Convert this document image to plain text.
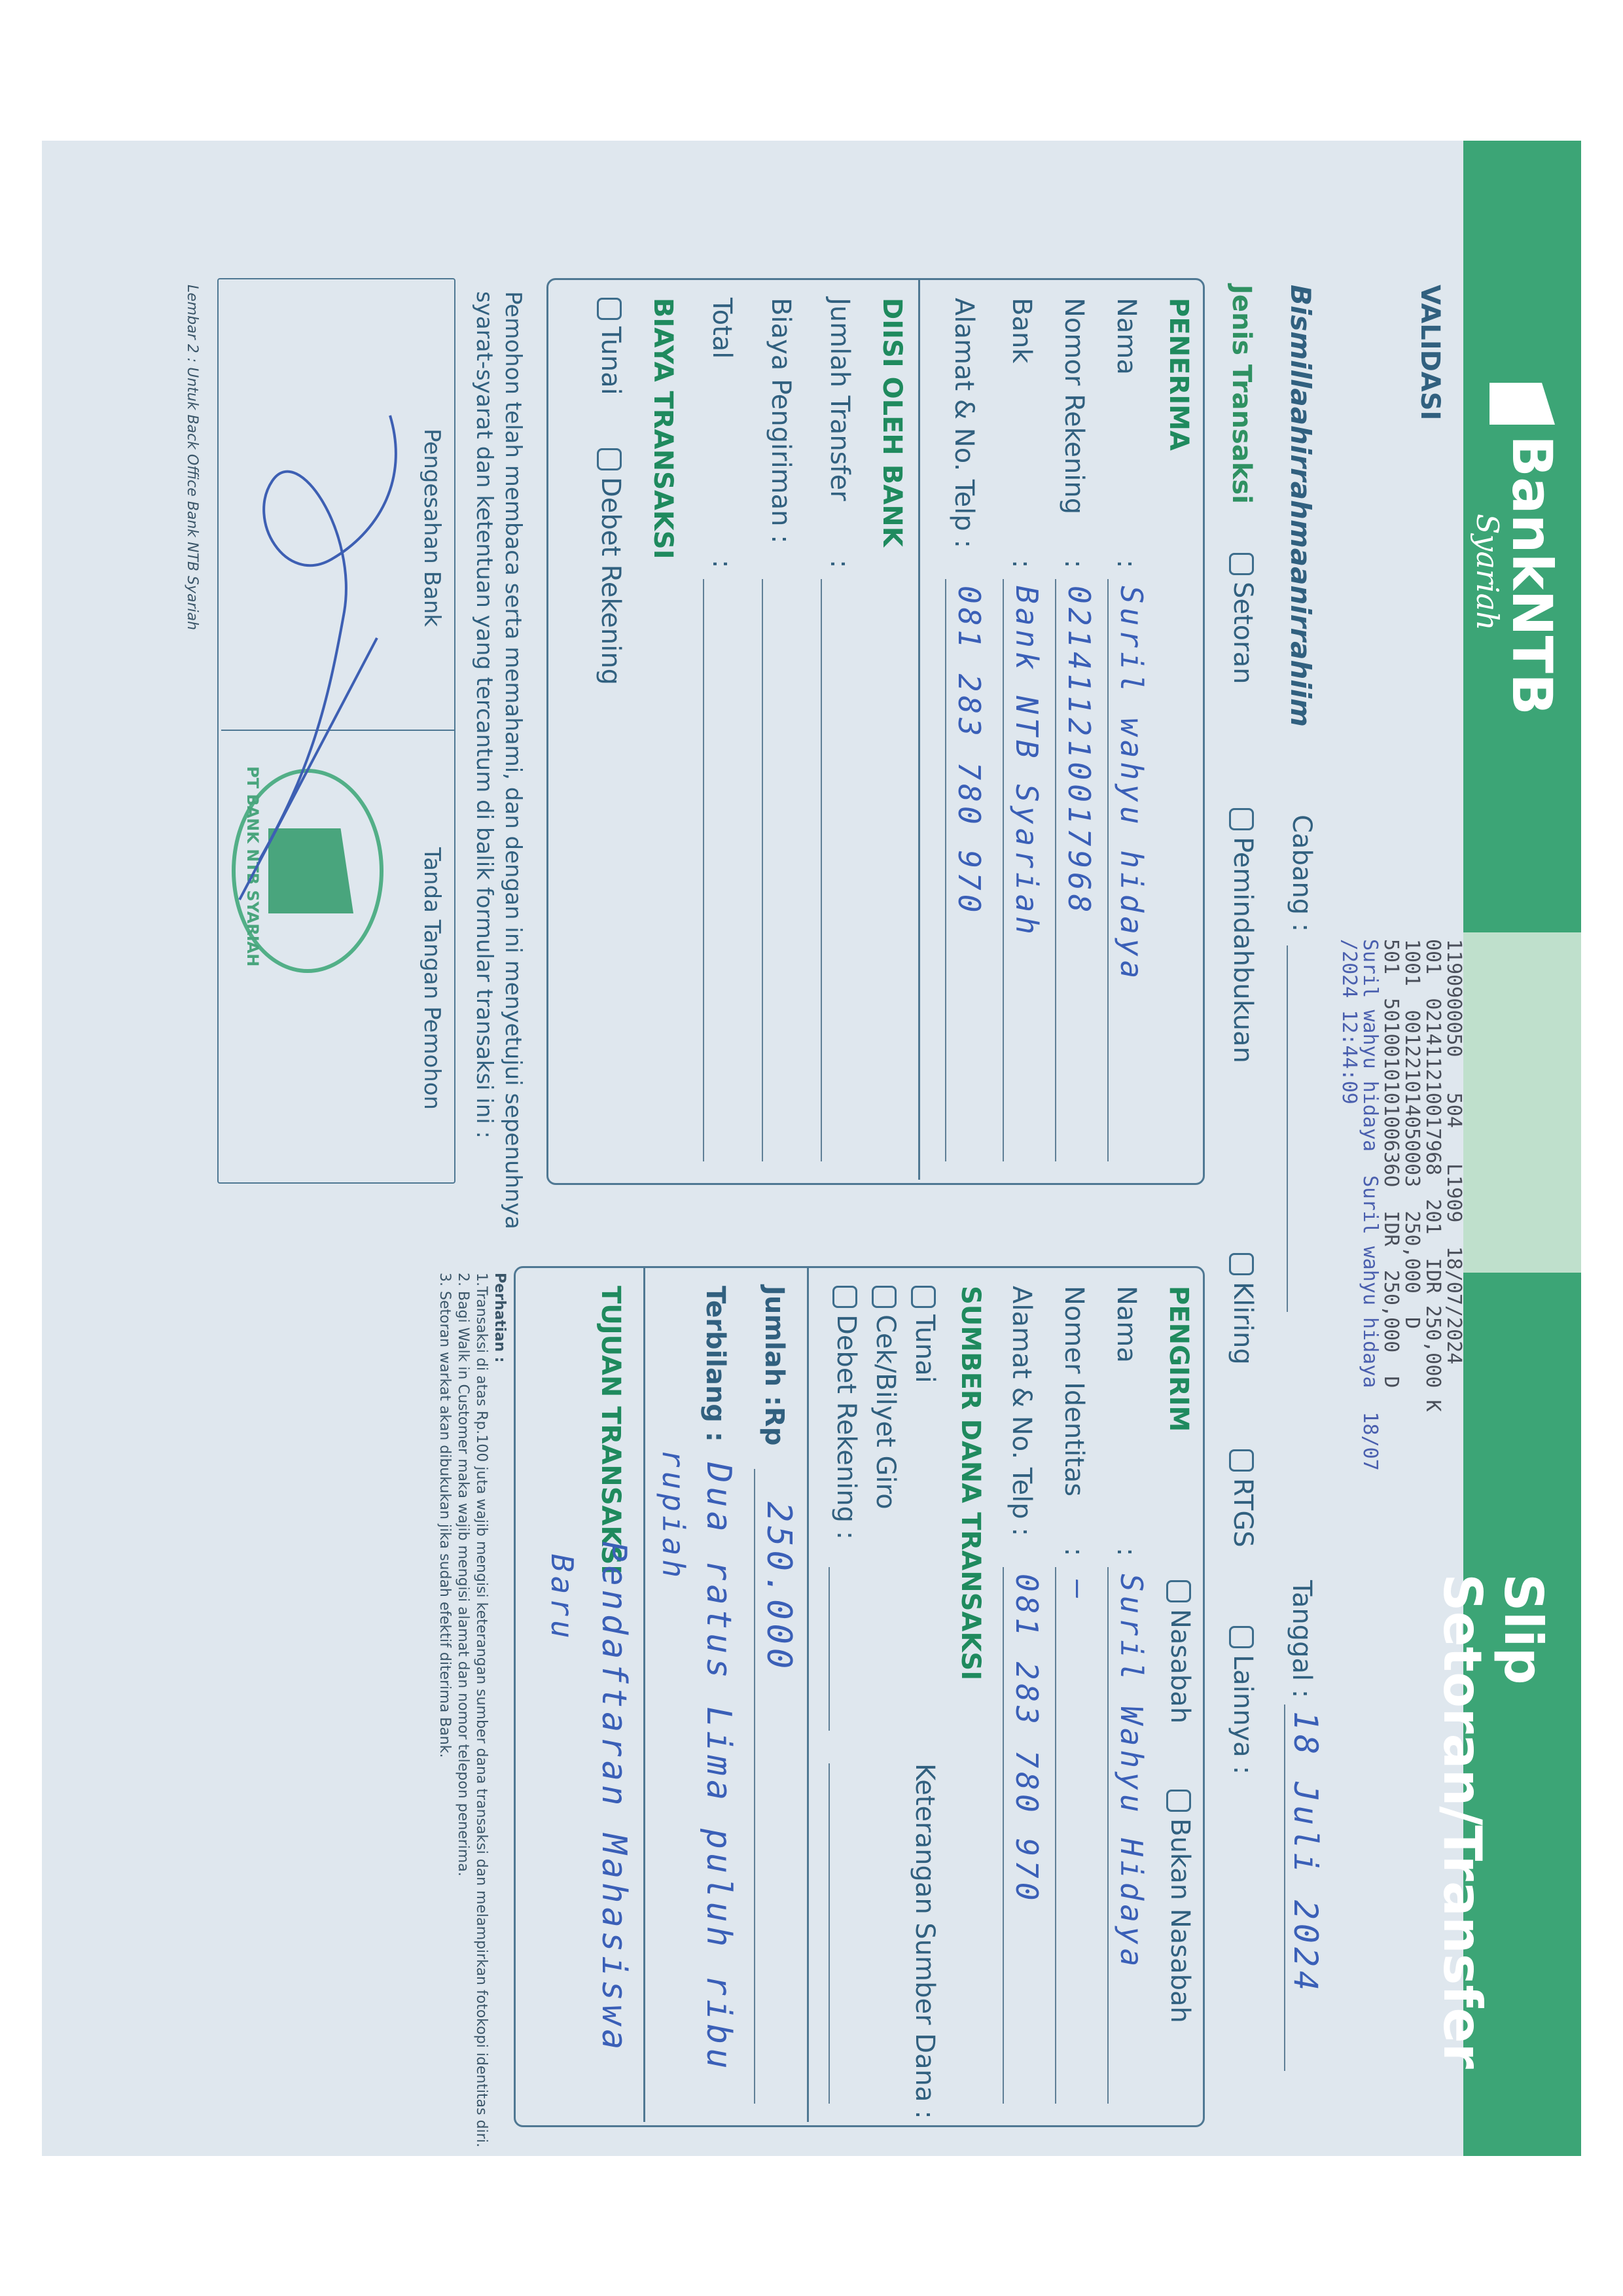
BankNTB
Syariah
Slip Setoran/Transfer
VALIDASI
1190900050   504   L1909  18/07/2024
001  021411210017968  201  IDR 250,000 K
1001  001221014050003  250,000  D
501  501001010100636O  IDR  250,000  D
Suril wahyu hidaya  Suril wahyu hidaya  18/07
/2024 12:44:09
Bismillaahirrahmaanirrahiim
Cabang :
Tanggal :
18 Juli 2024
Jenis Transaksi
Setoran
Pemindahbukuan
Kliring
RTGS
Lainnya :
PENERIMA
Nama
:
Suril wahyu hidaya
Nomor Rekening
:
021411210017968
Bank
:
Bank NTB Syariah
Alamat & No. Telp :
081 283 780 970
DIISI OLEH BANK
Jumlah Transfer
:
Biaya Pengiriman :
Total
:
BIAYA TRANSAKSI
Tunai
Debet Rekening
Pemohon telah membaca serta memahami, dan dengan ini menyetujui sepenuhnya
syarat-syarat dan ketentuan yang tercantum di balik formular transaksi ini :
Pengesahan Bank
Tanda Tangan Pemohon
PT BANK NTB SYARIAH
PENGIRIM
Nasabah
Bukan Nasabah
Nama
:
Suril Wahyu Hidaya
Nomer Identitas
:
–
Alamat & No. Telp :
081 283 780 970
SUMBER DANA TRANSAKSI
Tunai
Keterangan Sumber Dana :
Cek/Bilyet Giro
Debet Rekening :
Jumlah :
Rp
250.000
Terbilang :
Dua ratus Lima puluh ribu
rupiah
TUJUAN TRANSAKSI
Pendaftaran Mahasiswa
Baru
Perhatian :
1.Transaksi di atas Rp.100 juta wajib mengisi keterangan sumber dana transaksi dan melampirkan fotokopi identitas diri.
2. Bagi Walk in Customer maka wajib mengisi alamat dan nomor telepon penerima.
3. Setoran warkat akan dibukukan jika sudah efektif diterima Bank.
Lembar 2 : Untuk Back Office Bank NTB Syariah
